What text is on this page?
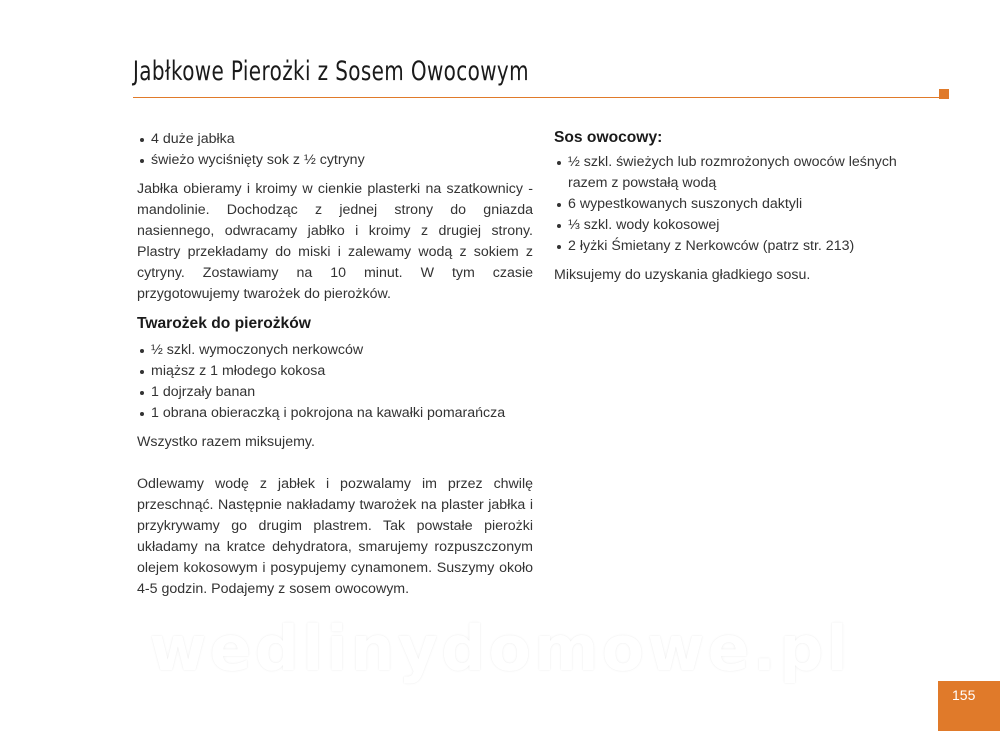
Jabłkowe Pierożki z Sosem Owocowym
4 duże jabłka
świeżo wyciśnięty sok z ½ cytryny

Jabłka obieramy i kroimy w cienkie plasterki na szatkownicy - mandolinie. Dochodząc z jednej strony do gniazda nasiennego, odwracamy jabłko i kroimy z drugiej strony. Plastry przekładamy do miski i zalewamy wodą z sokiem z cytryny. Zostawiamy na 10 minut. W tym czasie przygotowujemy twarożek do pierożków.

Twarożek do pierożków
½ szkl. wymoczonych nerkowców
miąższ z 1 młodego kokosa
1 dojrzały banan
1 obrana obieraczką i pokrojona na kawałki pomarańcza

Wszystko razem miksujemy.

Odlewamy wodę z jabłek i pozwalamy im przez chwilę przeschnąć. Następnie nakładamy twarożek na plaster jabłka i przykrywamy go drugim plastrem. Tak powstałe pierożki układamy na kratce dehydratora, smarujemy rozpuszczonym olejem kokosowym i posypujemy cynamonem. Suszymy około 4-5 godzin. Podajemy z sosem owocowym.

Sos owocowy:
½ szkl. świeżych lub rozmrożonych owoców leśnych razem z powstałą wodą
6 wypestkowanych suszonych daktyli
⅓ szkl. wody kokosowej
2 łyżki Śmietany z Nerkowców (patrz str. 213)

Miksujemy do uzyskania gładkiego sosu.

wedlinydomowe.pl
155
